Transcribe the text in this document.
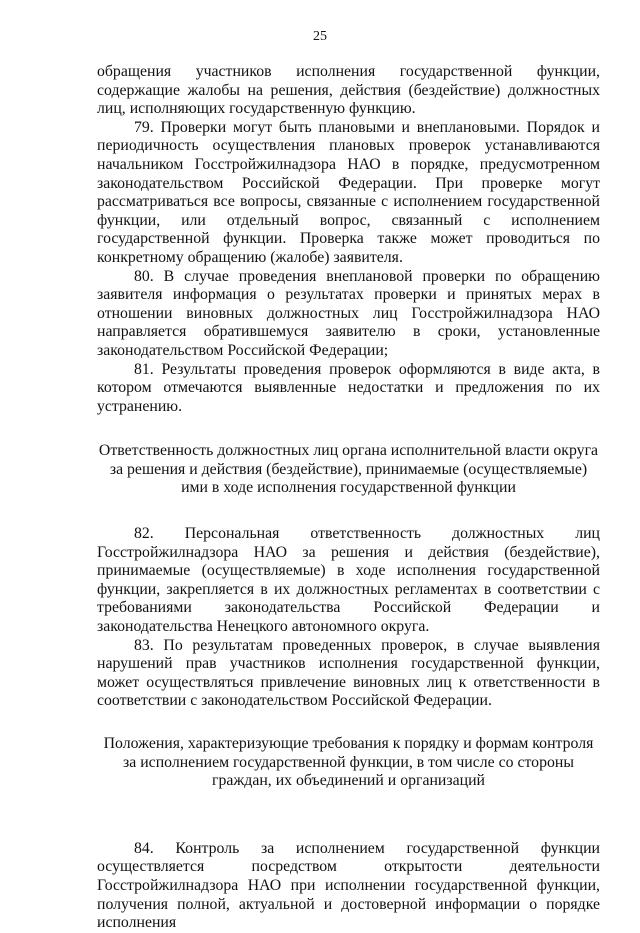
25

обращения участников исполнения государственной функции, содержащие жалобы на решения, действия (бездействие) должностных лиц, исполняющих государственную функцию.

79. Проверки могут быть плановыми и внеплановыми. Порядок и периодичность осуществления плановых проверок устанавливаются начальником Госстройжилнадзора НАО в порядке, предусмотренном законодательством Российской Федерации. При проверке могут рассматриваться все вопросы, связанные с исполнением государственной функции, или отдельный вопрос, связанный с исполнением государственной функции. Проверка также может проводиться по конкретному обращению (жалобе) заявителя.

80. В случае проведения внеплановой проверки по обращению заявителя информация о результатах проверки и принятых мерах в отношении виновных должностных лиц Госстройжилнадзора НАО направляется обратившемуся заявителю в сроки, установленные законодательством Российской Федерации;

81. Результаты проведения проверок оформляются в виде акта, в котором отмечаются выявленные недостатки и предложения по их устранению.

Ответственность должностных лиц органа исполнительной власти округа за решения и действия (бездействие), принимаемые (осуществляемые) ими в ходе исполнения государственной функции

82. Персональная ответственность должностных лиц Госстройжилнадзора НАО за решения и действия (бездействие), принимаемые (осуществляемые) в ходе исполнения государственной функции, закрепляется в их должностных регламентах в соответствии с требованиями законодательства Российской Федерации и законодательства Ненецкого автономного округа.

83. По результатам проведенных проверок, в случае выявления нарушений прав участников исполнения государственной функции, может осуществляться привлечение виновных лиц к ответственности в соответствии с законодательством Российской Федерации.

Положения, характеризующие требования к порядку и формам контроля за исполнением государственной функции, в том числе со стороны граждан, их объединений и организаций

84. Контроль за исполнением государственной функции осуществляется посредством открытости деятельности Госстройжилнадзора НАО при исполнении государственной функции, получения полной, актуальной и достоверной информации о порядке исполнения
